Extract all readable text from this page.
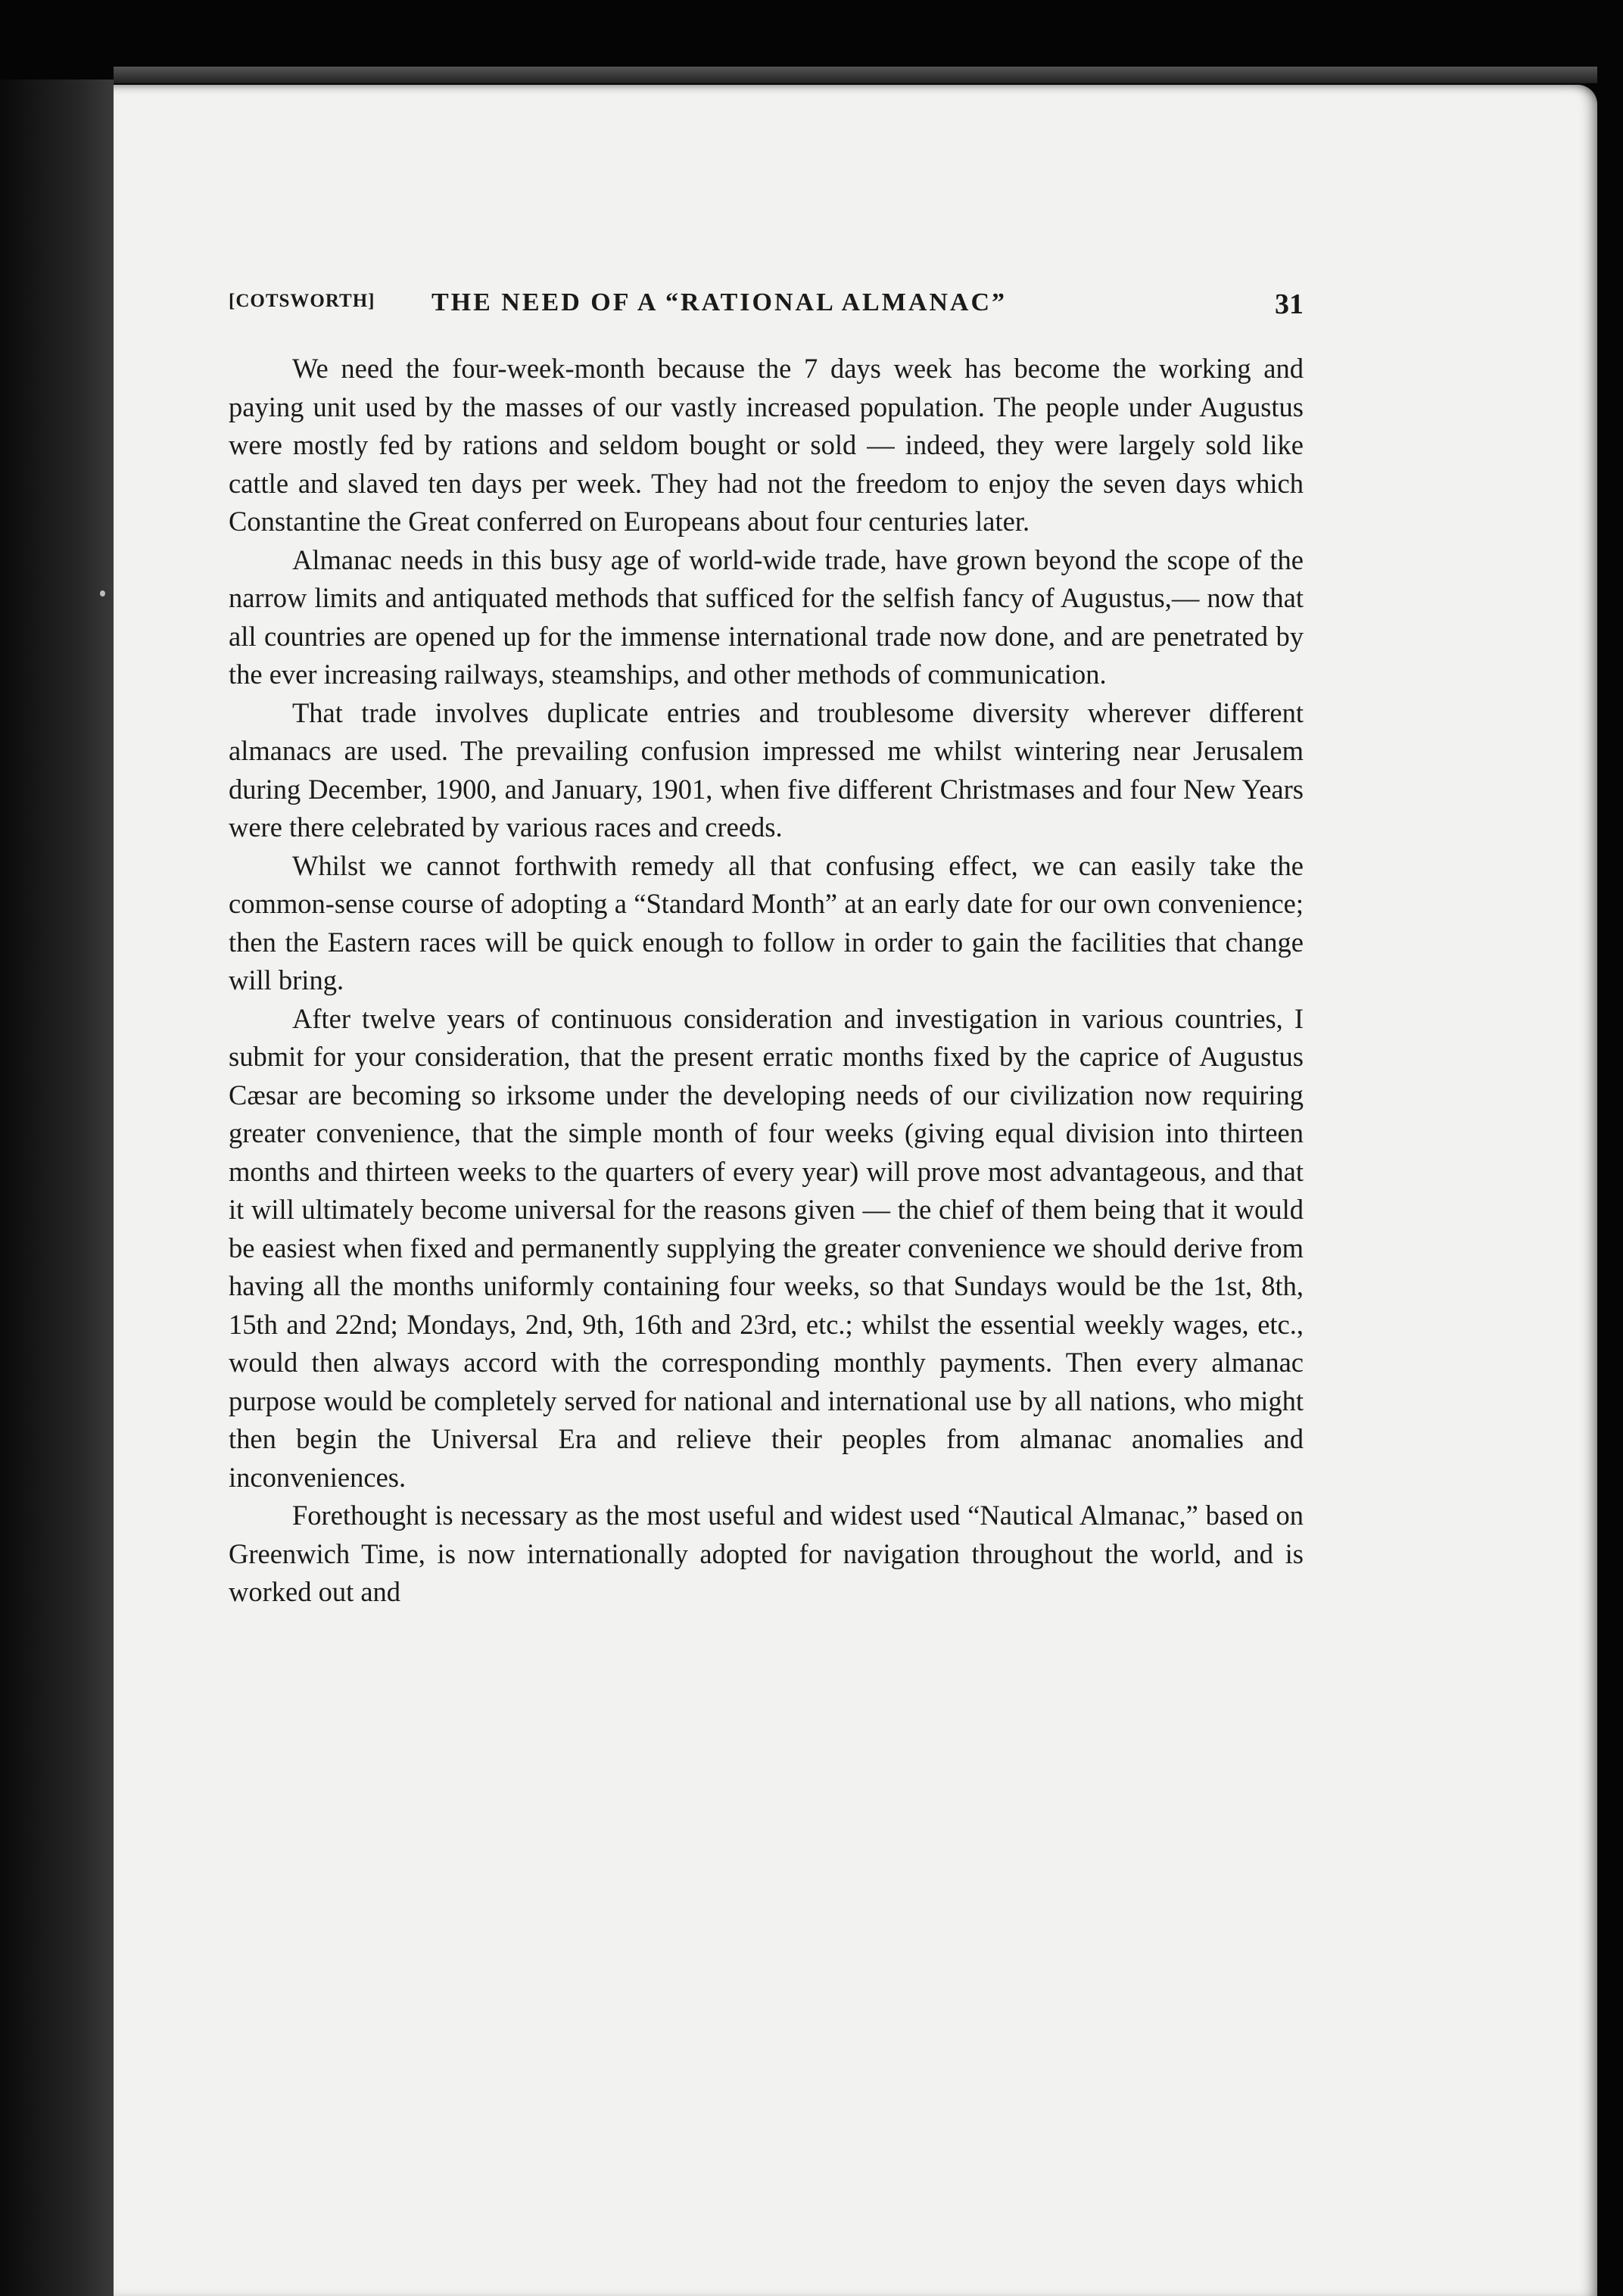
[COTSWORTH] THE NEED OF A “RATIONAL ALMANAC”	31

We need the four-week-month because the 7 days week has become the working and paying unit used by the masses of our vastly increased population. The people under Augustus were mostly fed by rations and seldom bought or sold — indeed, they were largely sold like cattle and slaved ten days per week. They had not the freedom to enjoy the seven days which Constantine the Great conferred on Europeans about four centuries later.

Almanac needs in this busy age of world-wide trade, have grown beyond the scope of the narrow limits and antiquated methods that sufficed for the selfish fancy of Augustus,— now that all countries are opened up for the immense international trade now done, and are penetrated by the ever increasing railways, steamships, and other methods of communication.

That trade involves duplicate entries and troublesome diversity wherever different almanacs are used. The prevailing confusion impressed me whilst wintering near Jerusalem during December, 1900, and January, 1901, when five different Christmases and four New Years were there celebrated by various races and creeds.

Whilst we cannot forthwith remedy all that confusing effect, we can easily take the common-sense course of adopting a “Standard Month” at an early date for our own convenience; then the Eastern races will be quick enough to follow in order to gain the facilities that change will bring.

After twelve years of continuous consideration and investigation in various countries, I submit for your consideration, that the present erratic months fixed by the caprice of Augustus Cæsar are becoming so irksome under the developing needs of our civilization now requiring greater convenience, that the simple month of four weeks (giving equal division into thirteen months and thirteen weeks to the quarters of every year) will prove most advantageous, and that it will ultimately become universal for the reasons given — the chief of them being that it would be easiest when fixed and permanently supplying the greater convenience we should derive from having all the months uniformly containing four weeks, so that Sundays would be the 1st, 8th, 15th and 22nd; Mondays, 2nd, 9th, 16th and 23rd, etc.; whilst the essential weekly wages, etc., would then always accord with the corresponding monthly payments. Then every almanac purpose would be completely served for national and international use by all nations, who might then begin the Universal Era and relieve their peoples from almanac anomalies and inconveniences.

Forethought is necessary as the most useful and widest used “Nautical Almanac,” based on Greenwich Time, is now internationally adopted for navigation throughout the world, and is worked out and
